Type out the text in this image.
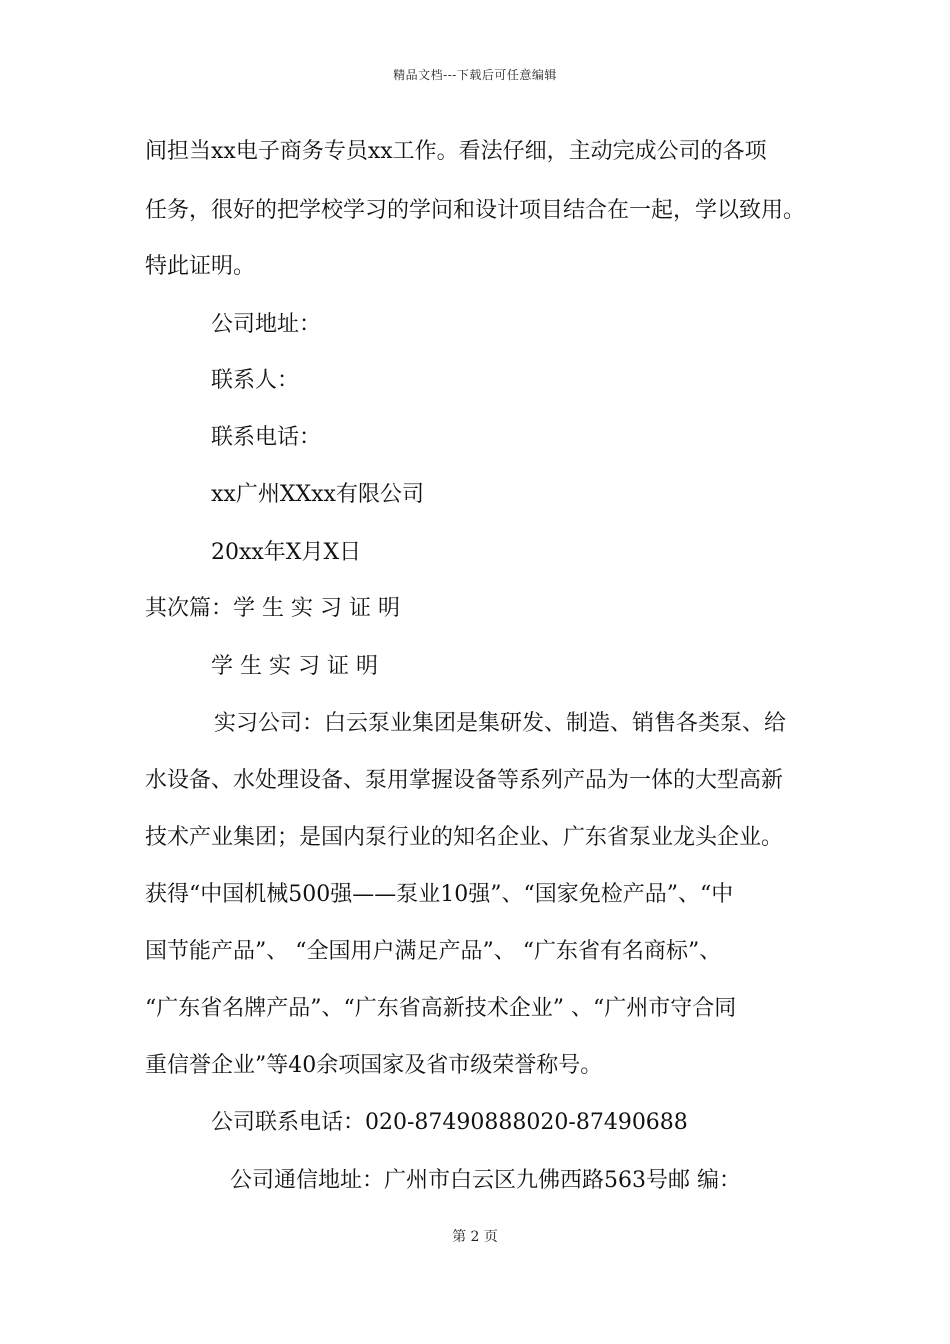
精品文档---下载后可任意编辑
间担当xx电子商务专员xx工作。看法仔细，主动完成公司的各项
任务，很好的把学校学习的学问和设计项目结合在一起，学以致用。
特此证明。
公司地址：
联系人：
联系电话：
xx广州XXxx有限公司
20xx年X月X日
其次篇：学 生 实 习 证 明
学 生 实 习 证 明
实习公司：白云泵业集团是集研发、制造、销售各类泵、给
水设备、水处理设备、泵用掌握设备等系列产品为一体的大型高新
技术产业集团；是国内泵行业的知名企业、广东省泵业龙头企业。
获得“中国机械500强——泵业10强”、“国家免检产品”、“中
国节能产品”、 “全国用户满足产品”、 “广东省有名商标”、
“广东省名牌产品”、“广东省高新技术企业” 、“广州市守合同
重信誉企业”等40余项国家及省市级荣誉称号。
公司联系电话：020-87490888020-87490688
公司通信地址：广州市白云区九佛西路563号邮 编：
第 2 页
